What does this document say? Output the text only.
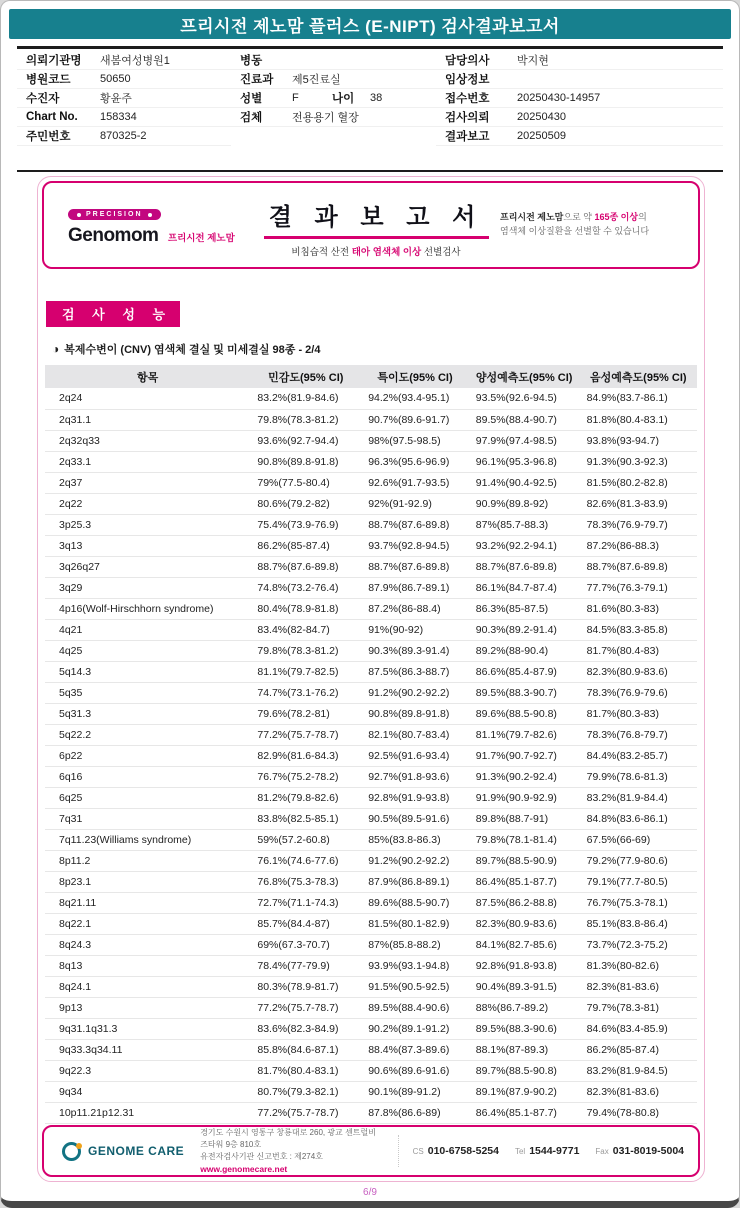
프리시전 제노맘 플러스 (E-NIPT) 검사결과보고서
의뢰기관명	새봄여성병원1
병원코드	50650
수진자	황윤주
Chart No.	158334
주민번호	870325-2
병동
진료과	제5진료실
성별	F	나이	38
검체	전용용기 혈장
담당의사	박지현
임상정보
접수번호	20250430-14957
검사의뢰	20250430
결과보고	20250509
PRECISION
Genomom 프리시전 제노맘
결 과 보 고 서
비침습적 산전 태아 염색체 이상 선별검사
프리시전 제노맘으로 약 165종 이상의
염색체 이상질환을 선별할 수 있습니다
검 사 성 능
◑ 복제수변이 (CNV) 염색체 결실 및 미세결실 98종 - 2/4
항목	민감도(95% CI)	특이도(95% CI)	양성예측도(95% CI)	음성예측도(95% CI)
2q24	83.2%(81.9-84.6)	94.2%(93.4-95.1)	93.5%(92.6-94.5)	84.9%(83.7-86.1)
2q31.1	79.8%(78.3-81.2)	90.7%(89.6-91.7)	89.5%(88.4-90.7)	81.8%(80.4-83.1)
2q32q33	93.6%(92.7-94.4)	98%(97.5-98.5)	97.9%(97.4-98.5)	93.8%(93-94.7)
2q33.1	90.8%(89.8-91.8)	96.3%(95.6-96.9)	96.1%(95.3-96.8)	91.3%(90.3-92.3)
2q37	79%(77.5-80.4)	92.6%(91.7-93.5)	91.4%(90.4-92.5)	81.5%(80.2-82.8)
2q22	80.6%(79.2-82)	92%(91-92.9)	90.9%(89.8-92)	82.6%(81.3-83.9)
3p25.3	75.4%(73.9-76.9)	88.7%(87.6-89.8)	87%(85.7-88.3)	78.3%(76.9-79.7)
3q13	86.2%(85-87.4)	93.7%(92.8-94.5)	93.2%(92.2-94.1)	87.2%(86-88.3)
3q26q27	88.7%(87.6-89.8)	88.7%(87.6-89.8)	88.7%(87.6-89.8)	88.7%(87.6-89.8)
3q29	74.8%(73.2-76.4)	87.9%(86.7-89.1)	86.1%(84.7-87.4)	77.7%(76.3-79.1)
4p16(Wolf-Hirschhorn syndrome)	80.4%(78.9-81.8)	87.2%(86-88.4)	86.3%(85-87.5)	81.6%(80.3-83)
4q21	83.4%(82-84.7)	91%(90-92)	90.3%(89.2-91.4)	84.5%(83.3-85.8)
4q25	79.8%(78.3-81.2)	90.3%(89.3-91.4)	89.2%(88-90.4)	81.7%(80.4-83)
5q14.3	81.1%(79.7-82.5)	87.5%(86.3-88.7)	86.6%(85.4-87.9)	82.3%(80.9-83.6)
5q35	74.7%(73.1-76.2)	91.2%(90.2-92.2)	89.5%(88.3-90.7)	78.3%(76.9-79.6)
5q31.3	79.6%(78.2-81)	90.8%(89.8-91.8)	89.6%(88.5-90.8)	81.7%(80.3-83)
5q22.2	77.2%(75.7-78.7)	82.1%(80.7-83.4)	81.1%(79.7-82.6)	78.3%(76.8-79.7)
6p22	82.9%(81.6-84.3)	92.5%(91.6-93.4)	91.7%(90.7-92.7)	84.4%(83.2-85.7)
6q16	76.7%(75.2-78.2)	92.7%(91.8-93.6)	91.3%(90.2-92.4)	79.9%(78.6-81.3)
6q25	81.2%(79.8-82.6)	92.8%(91.9-93.8)	91.9%(90.9-92.9)	83.2%(81.9-84.4)
7q31	83.8%(82.5-85.1)	90.5%(89.5-91.6)	89.8%(88.7-91)	84.8%(83.6-86.1)
7q11.23(Williams syndrome)	59%(57.2-60.8)	85%(83.8-86.3)	79.8%(78.1-81.4)	67.5%(66-69)
8p11.2	76.1%(74.6-77.6)	91.2%(90.2-92.2)	89.7%(88.5-90.9)	79.2%(77.9-80.6)
8p23.1	76.8%(75.3-78.3)	87.9%(86.8-89.1)	86.4%(85.1-87.7)	79.1%(77.7-80.5)
8q21.11	72.7%(71.1-74.3)	89.6%(88.5-90.7)	87.5%(86.2-88.8)	76.7%(75.3-78.1)
8q22.1	85.7%(84.4-87)	81.5%(80.1-82.9)	82.3%(80.9-83.6)	85.1%(83.8-86.4)
8q24.3	69%(67.3-70.7)	87%(85.8-88.2)	84.1%(82.7-85.6)	73.7%(72.3-75.2)
8q13	78.4%(77-79.9)	93.9%(93.1-94.8)	92.8%(91.8-93.8)	81.3%(80-82.6)
8q24.1	80.3%(78.9-81.7)	91.5%(90.5-92.5)	90.4%(89.3-91.5)	82.3%(81-83.6)
9p13	77.2%(75.7-78.7)	89.5%(88.4-90.6)	88%(86.7-89.2)	79.7%(78.3-81)
9q31.1q31.3	83.6%(82.3-84.9)	90.2%(89.1-91.2)	89.5%(88.3-90.6)	84.6%(83.4-85.9)
9q33.3q34.11	85.8%(84.6-87.1)	88.4%(87.3-89.6)	88.1%(87-89.3)	86.2%(85-87.4)
9q22.3	81.7%(80.4-83.1)	90.6%(89.6-91.6)	89.7%(88.5-90.8)	83.2%(81.9-84.5)
9q34	80.7%(79.3-82.1)	90.1%(89-91.2)	89.1%(87.9-90.2)	82.3%(81-83.6)
10p11.21p12.31	77.2%(75.7-78.7)	87.8%(86.6-89)	86.4%(85.1-87.7)	79.4%(78-80.8)
GENOME CARE
경기도 수원시 영통구 창룡대로 260, 광교 센트럴비즈타워 9층 810호
유전자검사기관 신고번호 : 제274호
www.genomecare.net
CS 010-6758-5254 Tel 1544-9771 Fax 031-8019-5004
6/9
